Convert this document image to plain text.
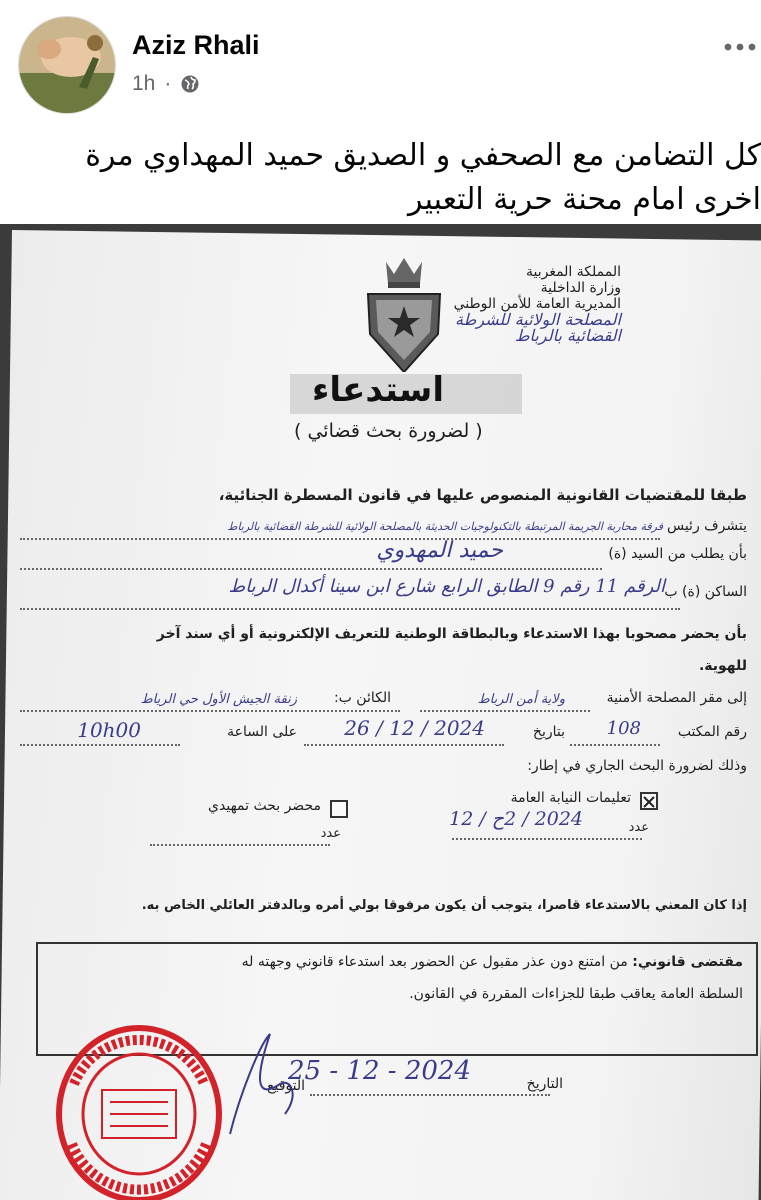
Aziz Rhali
1h ·
كل التضامن مع الصحفي و الصديق حميد المهداوي مرة
اخرى امام محنة حرية التعبير
المملكة المغربية
وزارة الداخلية
المديرية العامة للأمن الوطني
المصلحة الولائية للشرطة
القضائية بالرباط
استدعاء
( لضرورة بحث قضائي )
طبقا للمقتضيات القانونية المنصوص عليها في قانون المسطرة الجنائية،
يتشرف رئيس
فرقة محاربة الجريمة المرتبطة بالتكنولوجيات الحديثة بالمصلحة الولائية للشرطة القضائية بالرباط
بأن يطلب من السيد (ة)
حميد المهدوي
الساكن (ة) ب
الرقم 11 رقم 9 الطابق الرابع شارع ابن سينا أكدال الرباط
بأن يحضر مصحوبا بهذا الاستدعاء وبالبطاقة الوطنية للتعريف الإلكترونية أو أي سند آخر
للهوية.
إلى مقر المصلحة الأمنية
ولاية أمن الرباط
الكائن ب:
زنقة الجيش الأول حي الرياط
رقم المكتب
108
بتاريخ
2024 / 12 / 26
على الساعة
10h00
وذلك لضرورة البحث الجاري في إطار:
تعليمات النيابة العامة
عدد
2024 / 2ح / 12
محضر بحث تمهيدي
عدد
إذا كان المعني بالاستدعاء قاصرا، يتوجب أن يكون مرفوقا بولي أمره وبالدفتر العائلي الخاص به.
مقتضى قانوني: من امتنع دون عذر مقبول عن الحضور بعد استدعاء قانوني وجهته له
السلطة العامة يعاقب طبقا للجزاءات المقررة في القانون.
التاريخ
2024 - 12 - 25
التوقيع
